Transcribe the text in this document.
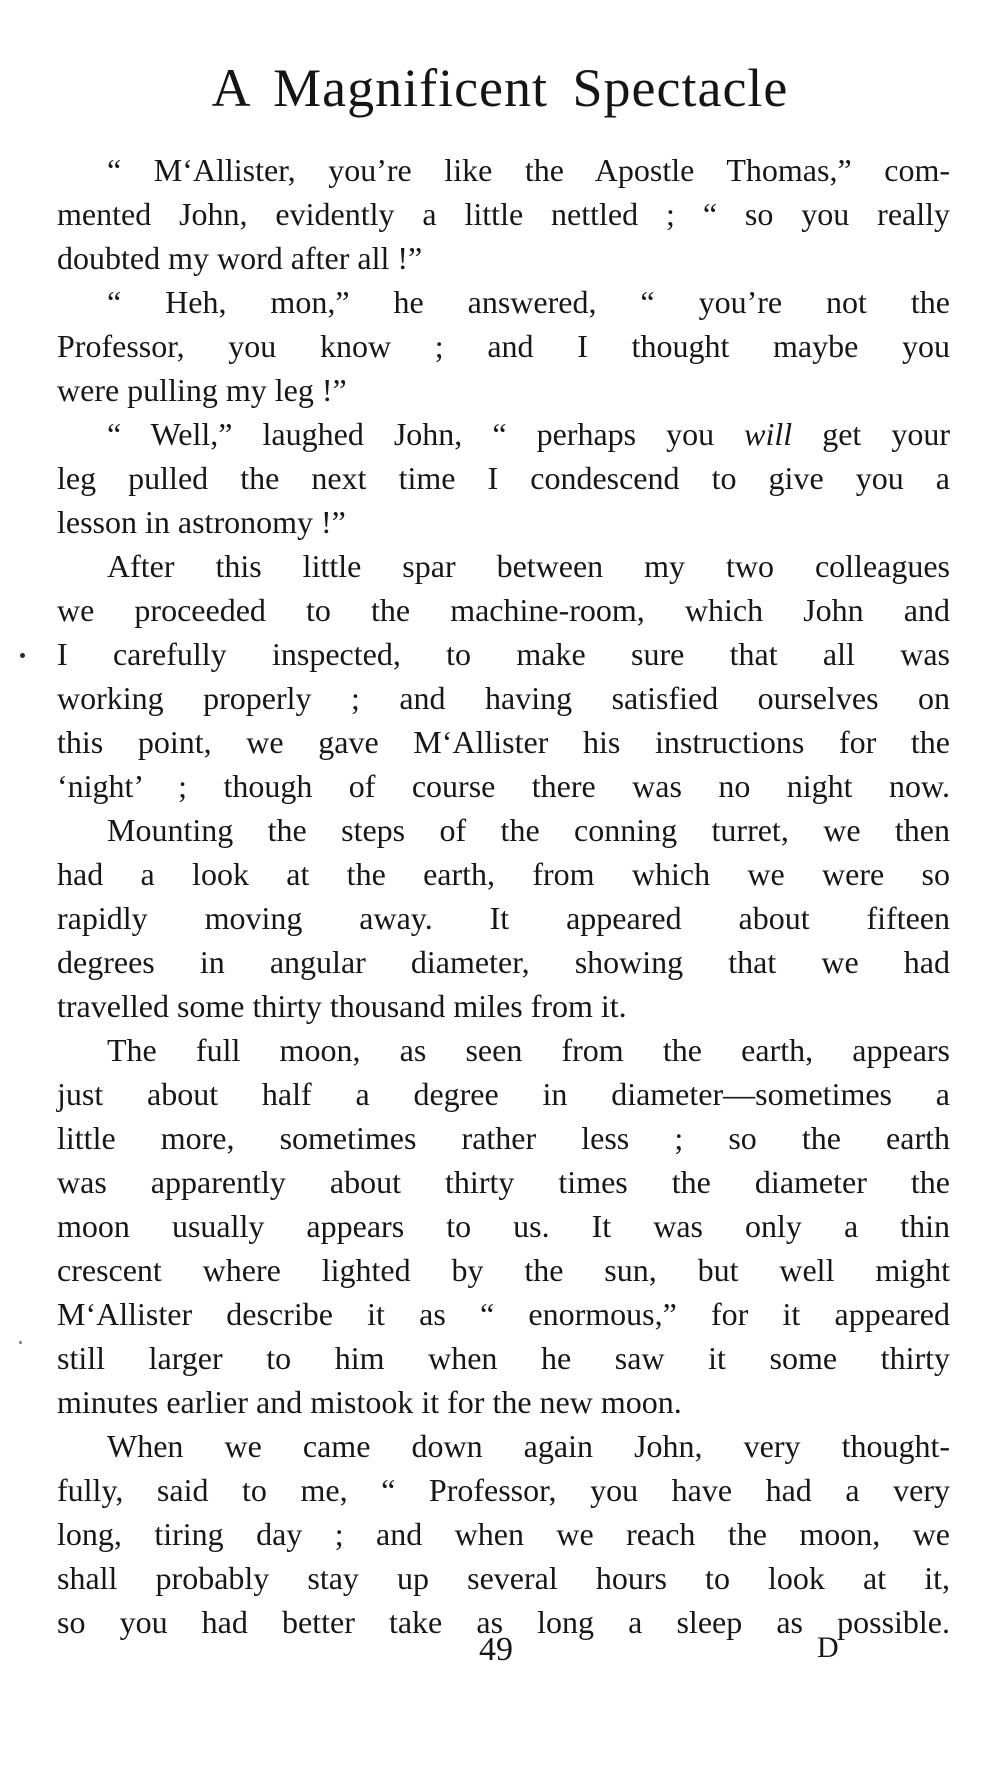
A Magnificent Spectacle
“ M‘Allister, you’re like the Apostle Thomas,” com-
mented John, evidently a little nettled ; “ so you really
doubted my word after all !”
“ Heh, mon,” he answered, “ you’re not the
Professor, you know ; and I thought maybe you
were pulling my leg !”
“ Well,” laughed John, “ perhaps you will get your
leg pulled the next time I condescend to give you a
lesson in astronomy !”
After this little spar between my two colleagues
we proceeded to the machine-room, which John and
I carefully inspected, to make sure that all was
working properly ; and having satisfied ourselves on
this point, we gave M‘Allister his instructions for the
‘night’ ; though of course there was no night now.
Mounting the steps of the conning turret, we then
had a look at the earth, from which we were so
rapidly moving away. It appeared about fifteen
degrees in angular diameter, showing that we had
travelled some thirty thousand miles from it.
The full moon, as seen from the earth, appears
just about half a degree in diameter—sometimes a
little more, sometimes rather less ; so the earth
was apparently about thirty times the diameter the
moon usually appears to us. It was only a thin
crescent where lighted by the sun, but well might
M‘Allister describe it as “ enormous,” for it appeared
still larger to him when he saw it some thirty
minutes earlier and mistook it for the new moon.
When we came down again John, very thought-
fully, said to me, “ Professor, you have had a very
long, tiring day ; and when we reach the moon, we
shall probably stay up several hours to look at it,
so you had better take as long a sleep as possible.
49	D
